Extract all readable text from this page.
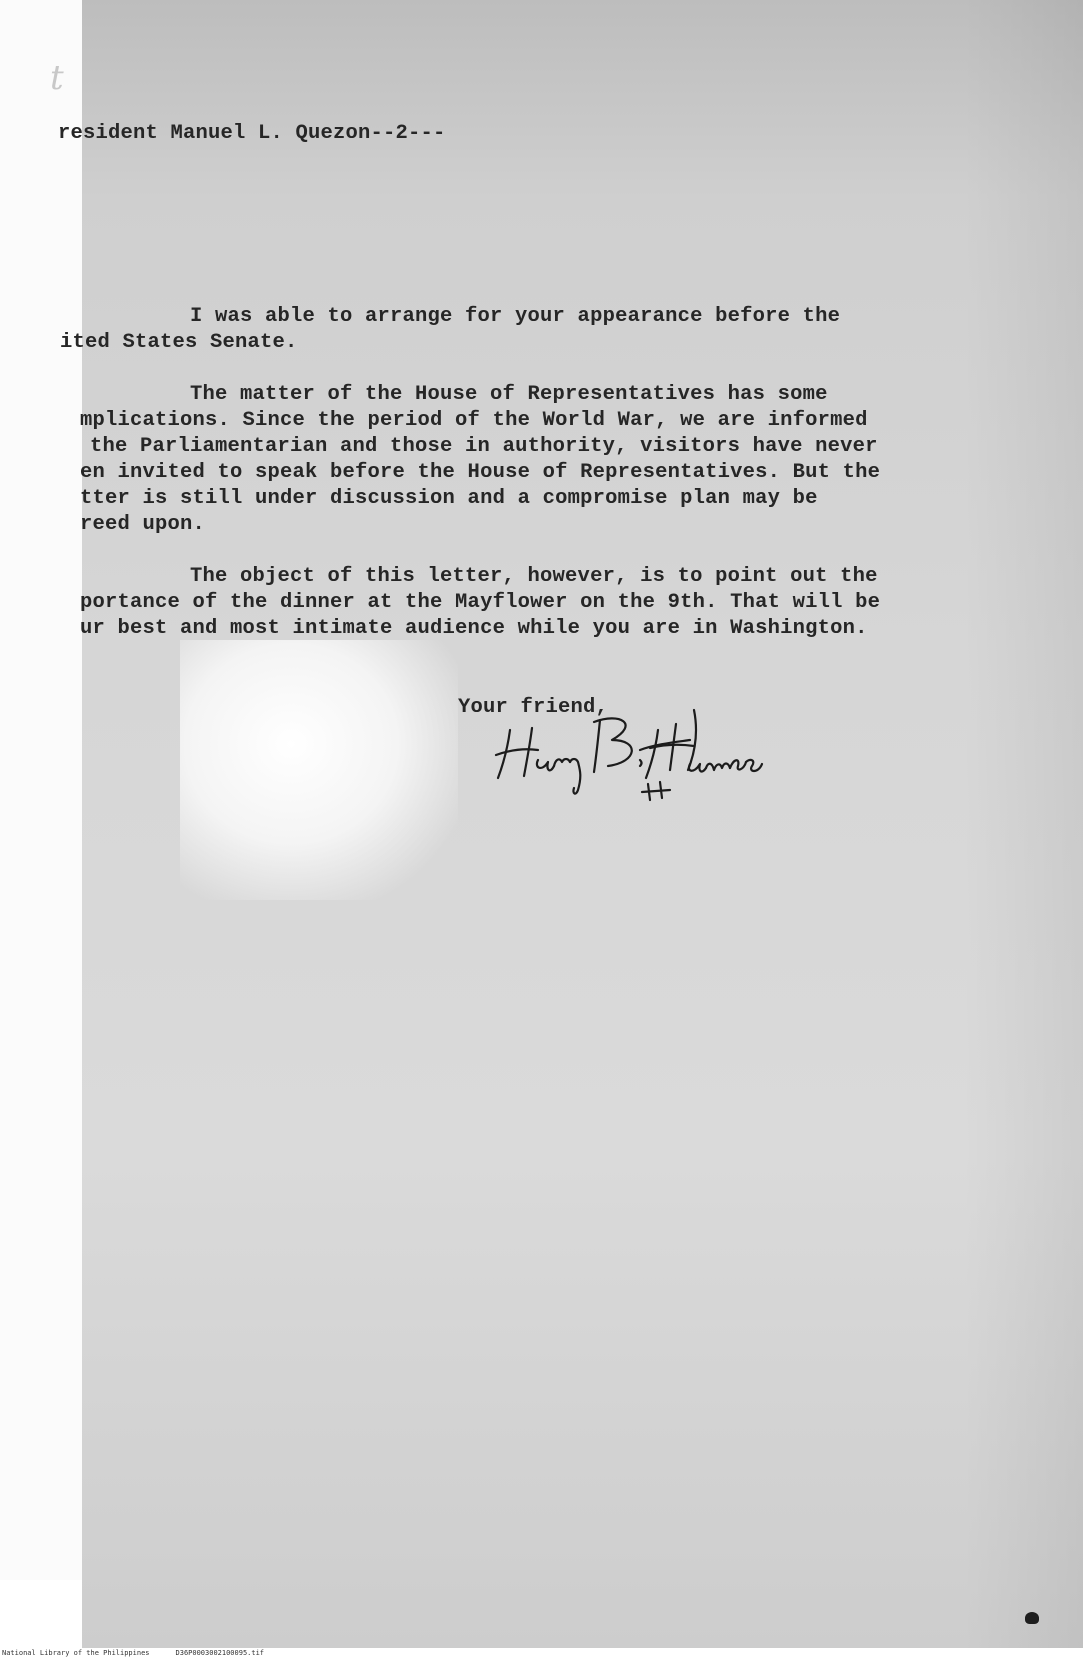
t
resident Manuel L. Quezon--2---
I was able to arrange for your appearance before the
ited States Senate.
The matter of the House of Representatives has some
mplications. Since the period of the World War, we are informed
the Parliamentarian and those in authority, visitors have never
en invited to speak before the House of Representatives. But the
tter is still under discussion and a compromise plan may be
reed upon.
The object of this letter, however, is to point out the
portance of the dinner at the Mayflower on the 9th. That will be
ur best and most intimate audience while you are in Washington.
Your friend,
National Library of the Philippines	D36P0003002100095.tif
